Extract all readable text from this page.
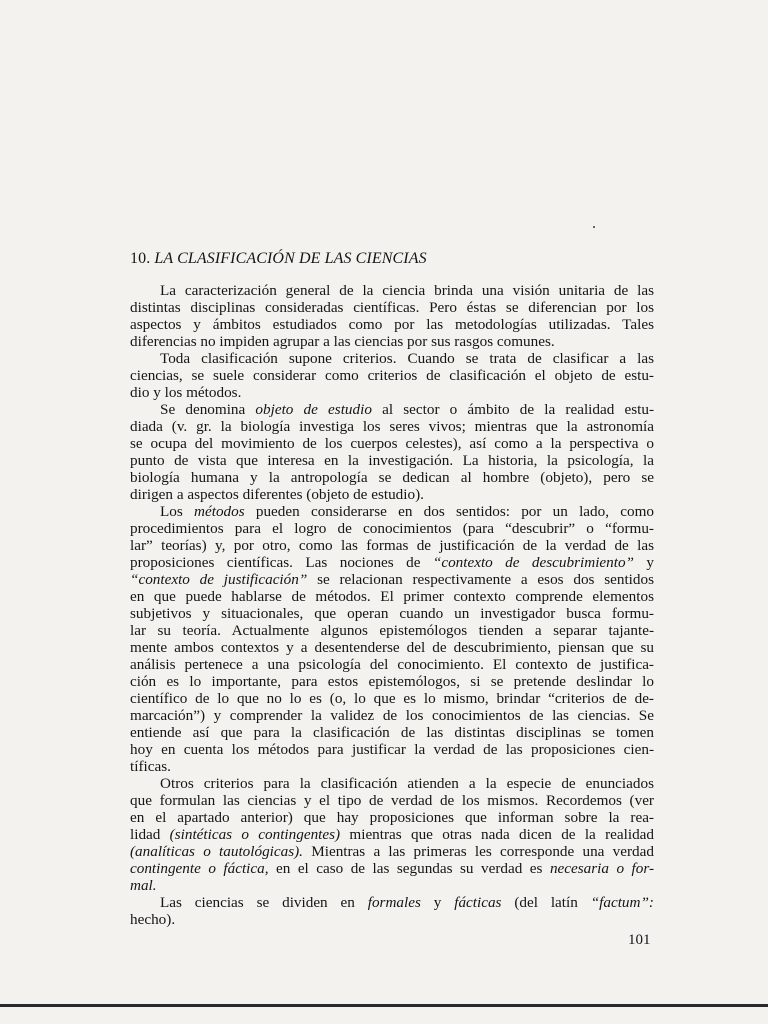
10. LA CLASIFICACIÓN DE LAS CIENCIAS

La caracterización general de la ciencia brinda una visión unitaria de las
distintas disciplinas consideradas científicas. Pero éstas se diferencian por los
aspectos y ámbitos estudiados como por las metodologías utilizadas. Tales
diferencias no impiden agrupar a las ciencias por sus rasgos comunes.

Toda clasificación supone criterios. Cuando se trata de clasificar a las
ciencias, se suele considerar como criterios de clasificación el objeto de estu-
dio y los métodos.

Se denomina objeto de estudio al sector o ámbito de la realidad estu-
diada (v. gr. la biología investiga los seres vivos; mientras que la astronomía
se ocupa del movimiento de los cuerpos celestes), así como a la perspectiva o
punto de vista que interesa en la investigación. La historia, la psicología, la
biología humana y la antropología se dedican al hombre (objeto), pero se
dirigen a aspectos diferentes (objeto de estudio).

Los métodos pueden considerarse en dos sentidos: por un lado, como
procedimientos para el logro de conocimientos (para “descubrir” o “formu-
lar” teorías) y, por otro, como las formas de justificación de la verdad de las
proposiciones científicas. Las nociones de “contexto de descubrimiento” y
“contexto de justificación” se relacionan respectivamente a esos dos sentidos
en que puede hablarse de métodos. El primer contexto comprende elementos
subjetivos y situacionales, que operan cuando un investigador busca formu-
lar su teoría. Actualmente algunos epistemólogos tienden a separar tajante-
mente ambos contextos y a desentenderse del de descubrimiento, piensan que su
análisis pertenece a una psicología del conocimiento. El contexto de justifica-
ción es lo importante, para estos epistemólogos, si se pretende deslindar lo
científico de lo que no lo es (o, lo que es lo mismo, brindar “criterios de de-
marcación”) y comprender la validez de los conocimientos de las ciencias. Se
entiende así que para la clasificación de las distintas disciplinas se tomen
hoy en cuenta los métodos para justificar la verdad de las proposiciones cien-
tíficas.

Otros criterios para la clasificación atienden a la especie de enunciados
que formulan las ciencias y el tipo de verdad de los mismos. Recordemos (ver
en el apartado anterior) que hay proposiciones que informan sobre la rea-
lidad (sintéticas o contingentes) mientras que otras nada dicen de la realidad
(analíticas o tautológicas). Mientras a las primeras les corresponde una verdad
contingente o fáctica, en el caso de las segundas su verdad es necesaria o for-
mal.

Las ciencias se dividen en formales y fácticas (del latín “factum”:
hecho).

101
